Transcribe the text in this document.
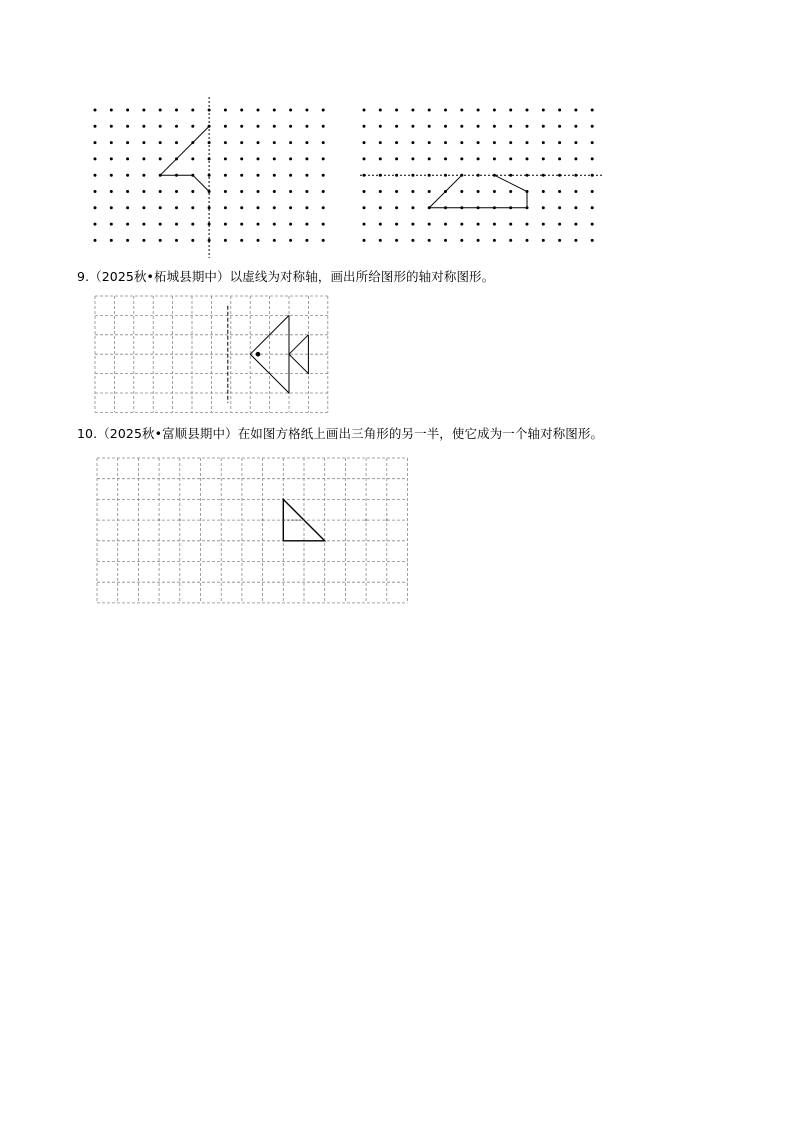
9.（2025秋•柘城县期中）以虚线为对称轴，画出所给图形的轴对称图形。
10.（2025秋•富顺县期中）在如图方格纸上画出三角形的另一半，使它成为一个轴对称图形。
